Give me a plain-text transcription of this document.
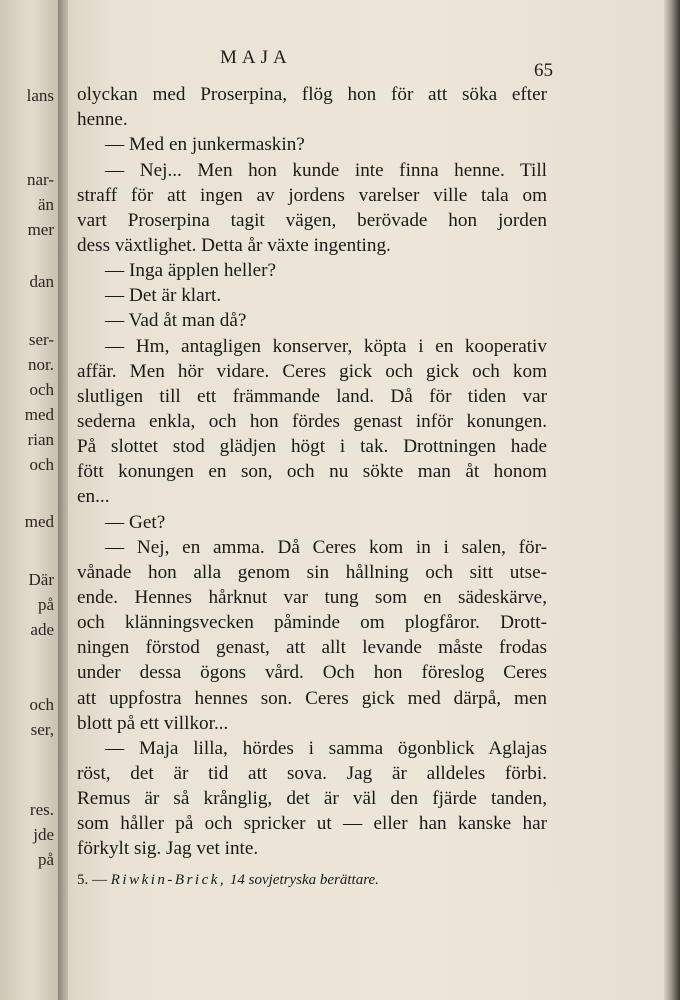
lans
nar-
än
mer
dan
ser-
nor.
och
med
rian
och
med
Där
på
ade
och
ser,
res.
jde
på
MAJA
65
olyckan med Proserpina, flög hon för att söka efter
henne.
— Med en junkermaskin?
— Nej... Men hon kunde inte finna henne. Till
straff för att ingen av jordens varelser ville tala om
vart Proserpina tagit vägen, berövade hon jorden
dess växtlighet. Detta år växte ingenting.
— Inga äpplen heller?
— Det är klart.
— Vad åt man då?
— Hm, antagligen konserver, köpta i en kooperativ
affär. Men hör vidare. Ceres gick och gick och kom
slutligen till ett främmande land. Då för tiden var
sederna enkla, och hon fördes genast inför konungen.
På slottet stod glädjen högt i tak. Drottningen hade
fött konungen en son, och nu sökte man åt honom
en...
— Get?
— Nej, en amma. Då Ceres kom in i salen, för-
vånade hon alla genom sin hållning och sitt utse-
ende. Hennes hårknut var tung som en sädeskärve,
och klänningsvecken påminde om plogfåror. Drott-
ningen förstod genast, att allt levande måste frodas
under dessa ögons vård. Och hon föreslog Ceres
att uppfostra hennes son. Ceres gick med därpå, men
blott på ett villkor...
— Maja lilla, hördes i samma ögonblick Aglajas
röst, det är tid att sova. Jag är alldeles förbi.
Remus är så krånglig, det är väl den fjärde tanden,
som håller på och spricker ut — eller han kanske har
förkylt sig. Jag vet inte.
5. — Riwkin-Brick, 14 sovjetryska berättare.
